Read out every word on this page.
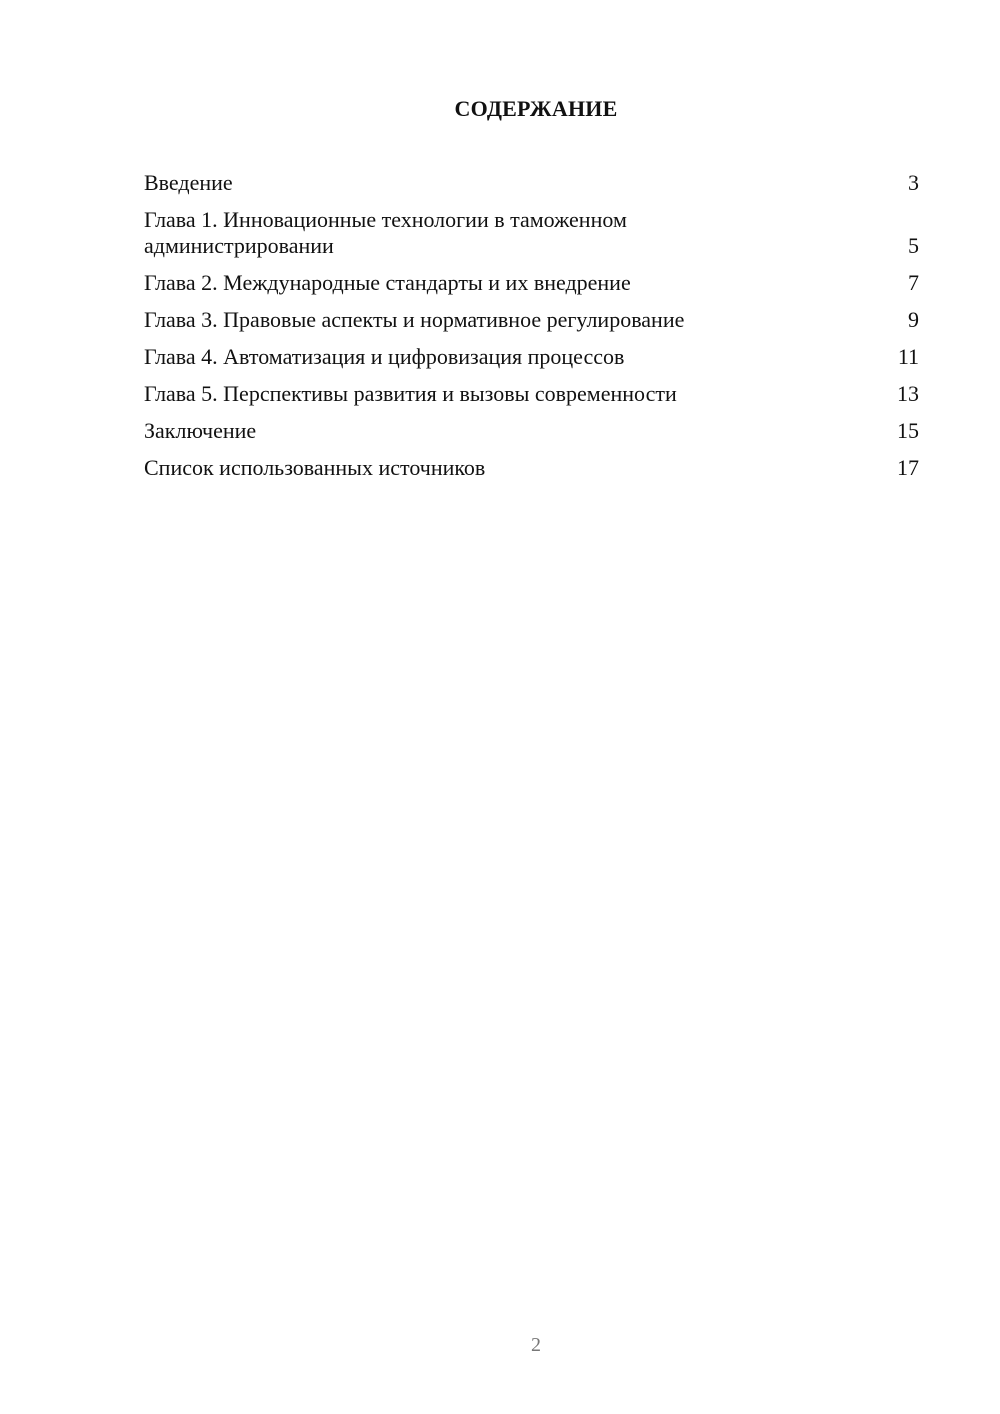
СОДЕРЖАНИЕ
Введение	3
Глава 1. Инновационные технологии в таможенном администрировании	5
Глава 2. Международные стандарты и их внедрение	7
Глава 3. Правовые аспекты и нормативное регулирование	9
Глава 4. Автоматизация и цифровизация процессов	11
Глава 5. Перспективы развития и вызовы современности	13
Заключение	15
Список использованных источников	17
2
